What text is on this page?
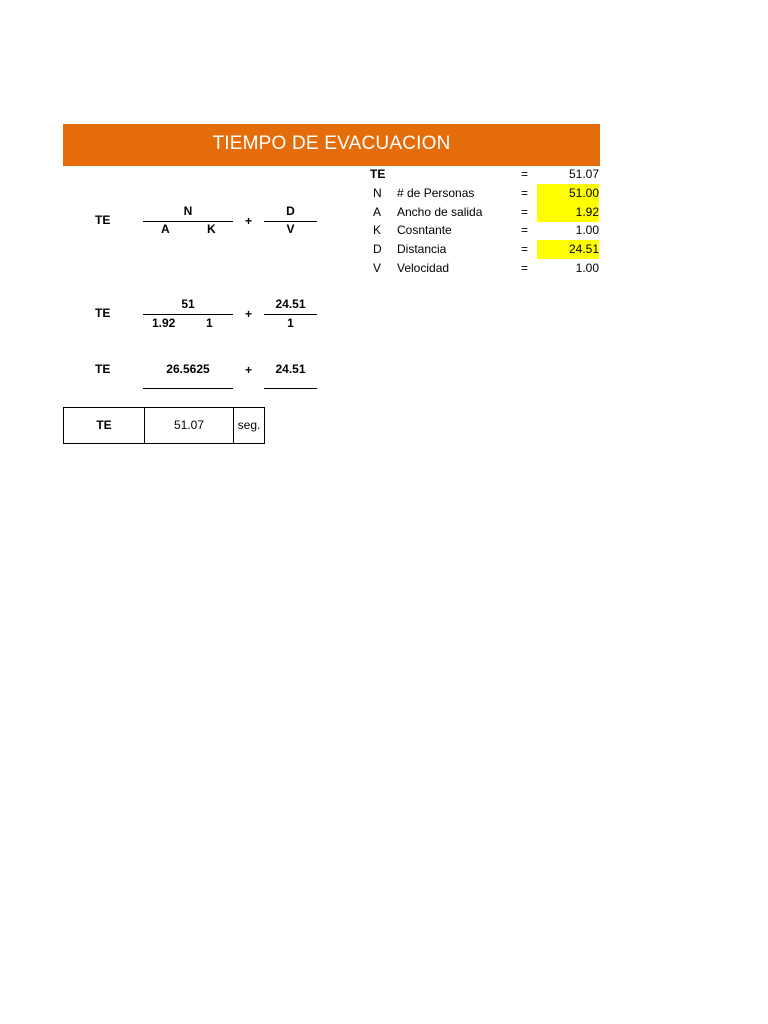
TIEMPO DE EVACUACION
TE
N
A	K
+
D
V
TE
51
1.92	1
+
24.51
1
TE	26.5625	+	24.51
TE	51.07	seg.
TE	=	51.07
N # de Personas	=	51.00
A Ancho de salida	=	1.92
K Cosntante	=	1.00
D Distancia	=	24.51
V Velocidad	=	1.00
